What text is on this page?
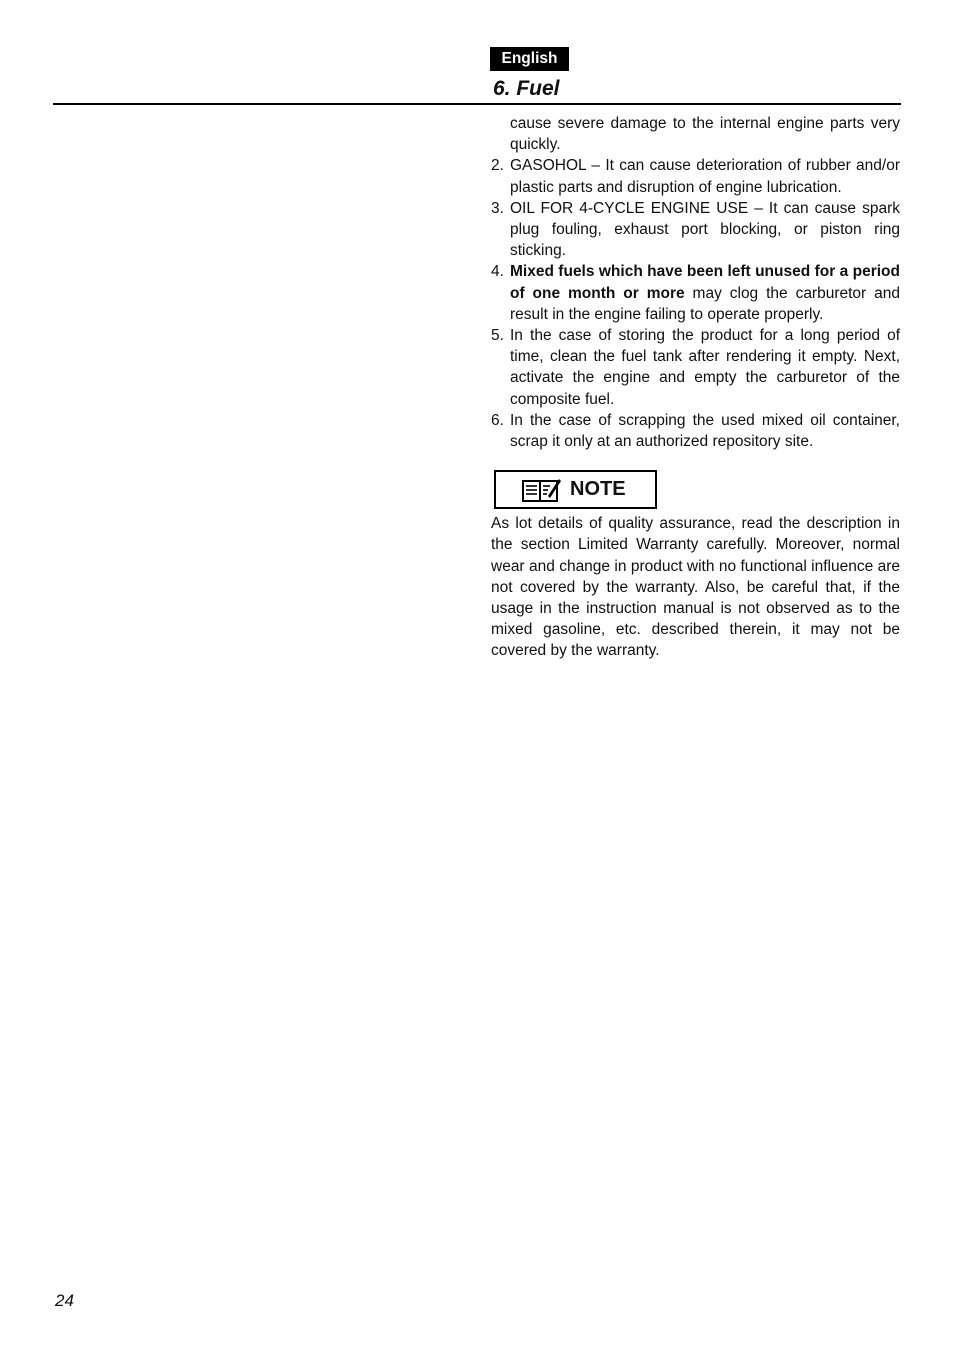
English
6. Fuel

cause severe damage to the internal engine parts very quickly.

2. GASOHOL – It can cause deterioration of rubber and/or plastic parts and disruption of engine lubrication.
3. OIL FOR 4-CYCLE ENGINE USE – It can cause spark plug fouling, exhaust port blocking, or piston ring sticking.
4. Mixed fuels which have been left unused for a period of one month or more may clog the carburetor and result in the engine failing to operate properly.
5. In the case of storing the product for a long period of time, clean the fuel tank after rendering it empty. Next, activate the engine and empty the carburetor of the composite fuel.
6. In the case of scrapping the used mixed oil container, scrap it only at an authorized repository site.
NOTE

As lot details of quality assurance, read the description in the section Limited Warranty carefully. Moreover, normal wear and change in product with no functional influence are not covered by the warranty. Also, be careful that, if the usage in the instruction manual is not observed as to the mixed gasoline, etc. described therein, it may not be covered by the warranty.

24
